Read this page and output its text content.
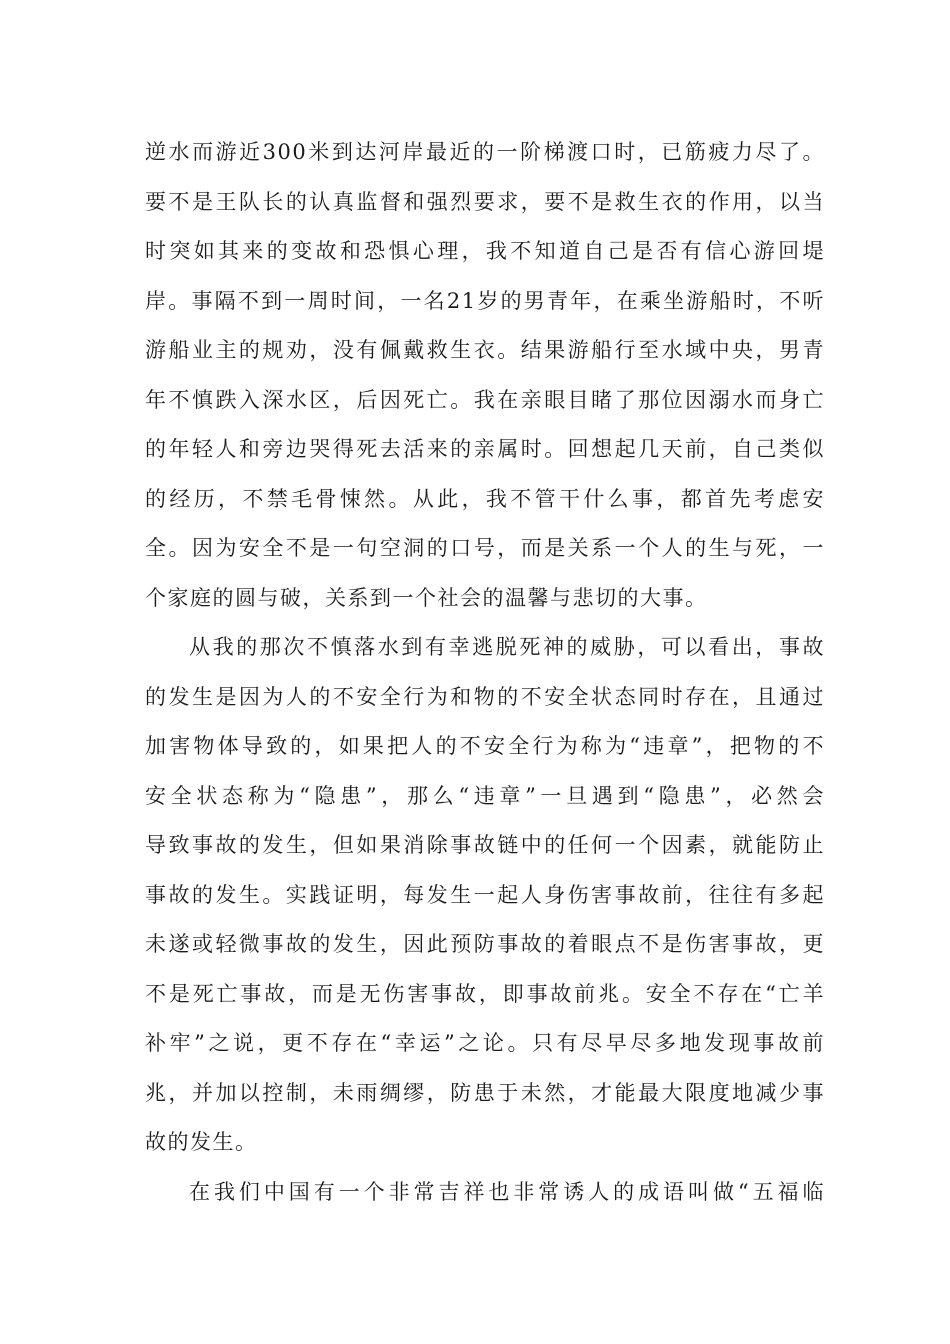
逆水而游近300米到达河岸最近的一阶梯渡口时，已筋疲力尽了。
要不是王队长的认真监督和强烈要求，要不是救生衣的作用，以当
时突如其来的变故和恐惧心理，我不知道自己是否有信心游回堤
岸。事隔不到一周时间，一名21岁的男青年，在乘坐游船时，不听
游船业主的规劝，没有佩戴救生衣。结果游船行至水域中央，男青
年不慎跌入深水区，后因死亡。我在亲眼目睹了那位因溺水而身亡
的年轻人和旁边哭得死去活来的亲属时。回想起几天前，自己类似
的经历，不禁毛骨悚然。从此，我不管干什么事，都首先考虑安
全。因为安全不是一句空洞的口号，而是关系一个人的生与死，一
个家庭的圆与破，关系到一个社会的温馨与悲切的大事。
从我的那次不慎落水到有幸逃脱死神的威胁，可以看出，事故
的发生是因为人的不安全行为和物的不安全状态同时存在，且通过
加害物体导致的，如果把人的不安全行为称为“违章”，把物的不
安全状态称为“隐患”，那么“违章”一旦遇到“隐患”，必然会
导致事故的发生，但如果消除事故链中的任何一个因素，就能防止
事故的发生。实践证明，每发生一起人身伤害事故前，往往有多起
未遂或轻微事故的发生，因此预防事故的着眼点不是伤害事故，更
不是死亡事故，而是无伤害事故，即事故前兆。安全不存在“亡羊
补牢”之说，更不存在“幸运”之论。只有尽早尽多地发现事故前
兆，并加以控制，未雨绸缪，防患于未然，才能最大限度地减少事
故的发生。
在我们中国有一个非常吉祥也非常诱人的成语叫做“五福临
